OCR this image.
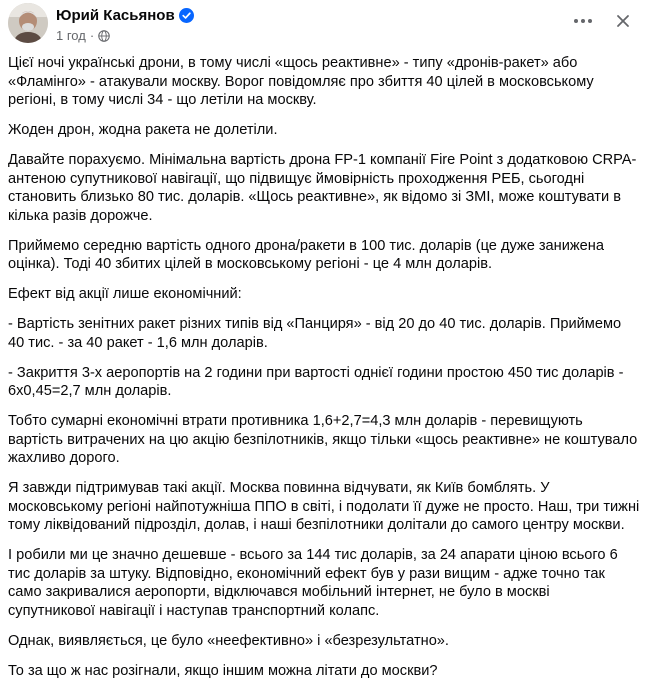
Юрий Касьянов
1 год ·

Цієї ночі українські дрони, в тому числі «щось реактивне» - типу «дронів-ракет» або «Фламінго» - атакували москву. Ворог повідомляє про збиття 40 цілей в московському регіоні, в тому числі 34 - що летіли на москву.

Жоден дрон, жодна ракета не долетіли.

Давайте порахуємо. Мінімальна вартість дрона FP-1 компанії Fire Point з додатковою CRPA-антеною супутникової навігації, що підвищує ймовірність проходження РЕБ, сьогодні становить близько 80 тис. доларів. «Щось реактивне», як відомо зі ЗМІ, може коштувати в кілька разів дорожче.

Приймемо середню вартість одного дрона/ракети в 100 тис. доларів (це дуже занижена оцінка). Тоді 40 збитих цілей в московському регіоні - це 4 млн доларів.

Ефект від акції лише економічний:

- Вартість зенітних ракет різних типів від «Панциря» - від 20 до 40 тис. доларів. Приймемо 40 тис. - за 40 ракет - 1,6 млн доларів.

- Закриття 3-х аеропортів на 2 години при вартості однієї години простою 450 тис доларів - 6х0,45=2,7 млн доларів.

Тобто сумарні економічні втрати противника 1,6+2,7=4,3 млн доларів - перевищують вартість витрачених на цю акцію безпілотників, якщо тільки «щось реактивне» не коштувало жахливо дорого.

Я завжди підтримував такі акції. Москва повинна відчувати, як Київ бомблять. У московському регіоні найпотужніша ППО в світі, і подолати її дуже не просто. Наш, три тижні тому ліквідований підрозділ, долав, і наші безпілотники долітали до самого центру москви.

І робили ми це значно дешевше - всього за 144 тис доларів, за 24 апарати ціною всього 6 тис доларів за штуку. Відповідно, економічний ефект був у рази вищим - адже точно так само закривалися аеропорти, відключався мобільний інтернет, не було в москві супутникової навігації і наступав транспортний колапс.

Однак, виявляється, це було «неефективно» і «безрезультатно».

То за що ж нас розігнали, якщо іншим можна літати до москви?
